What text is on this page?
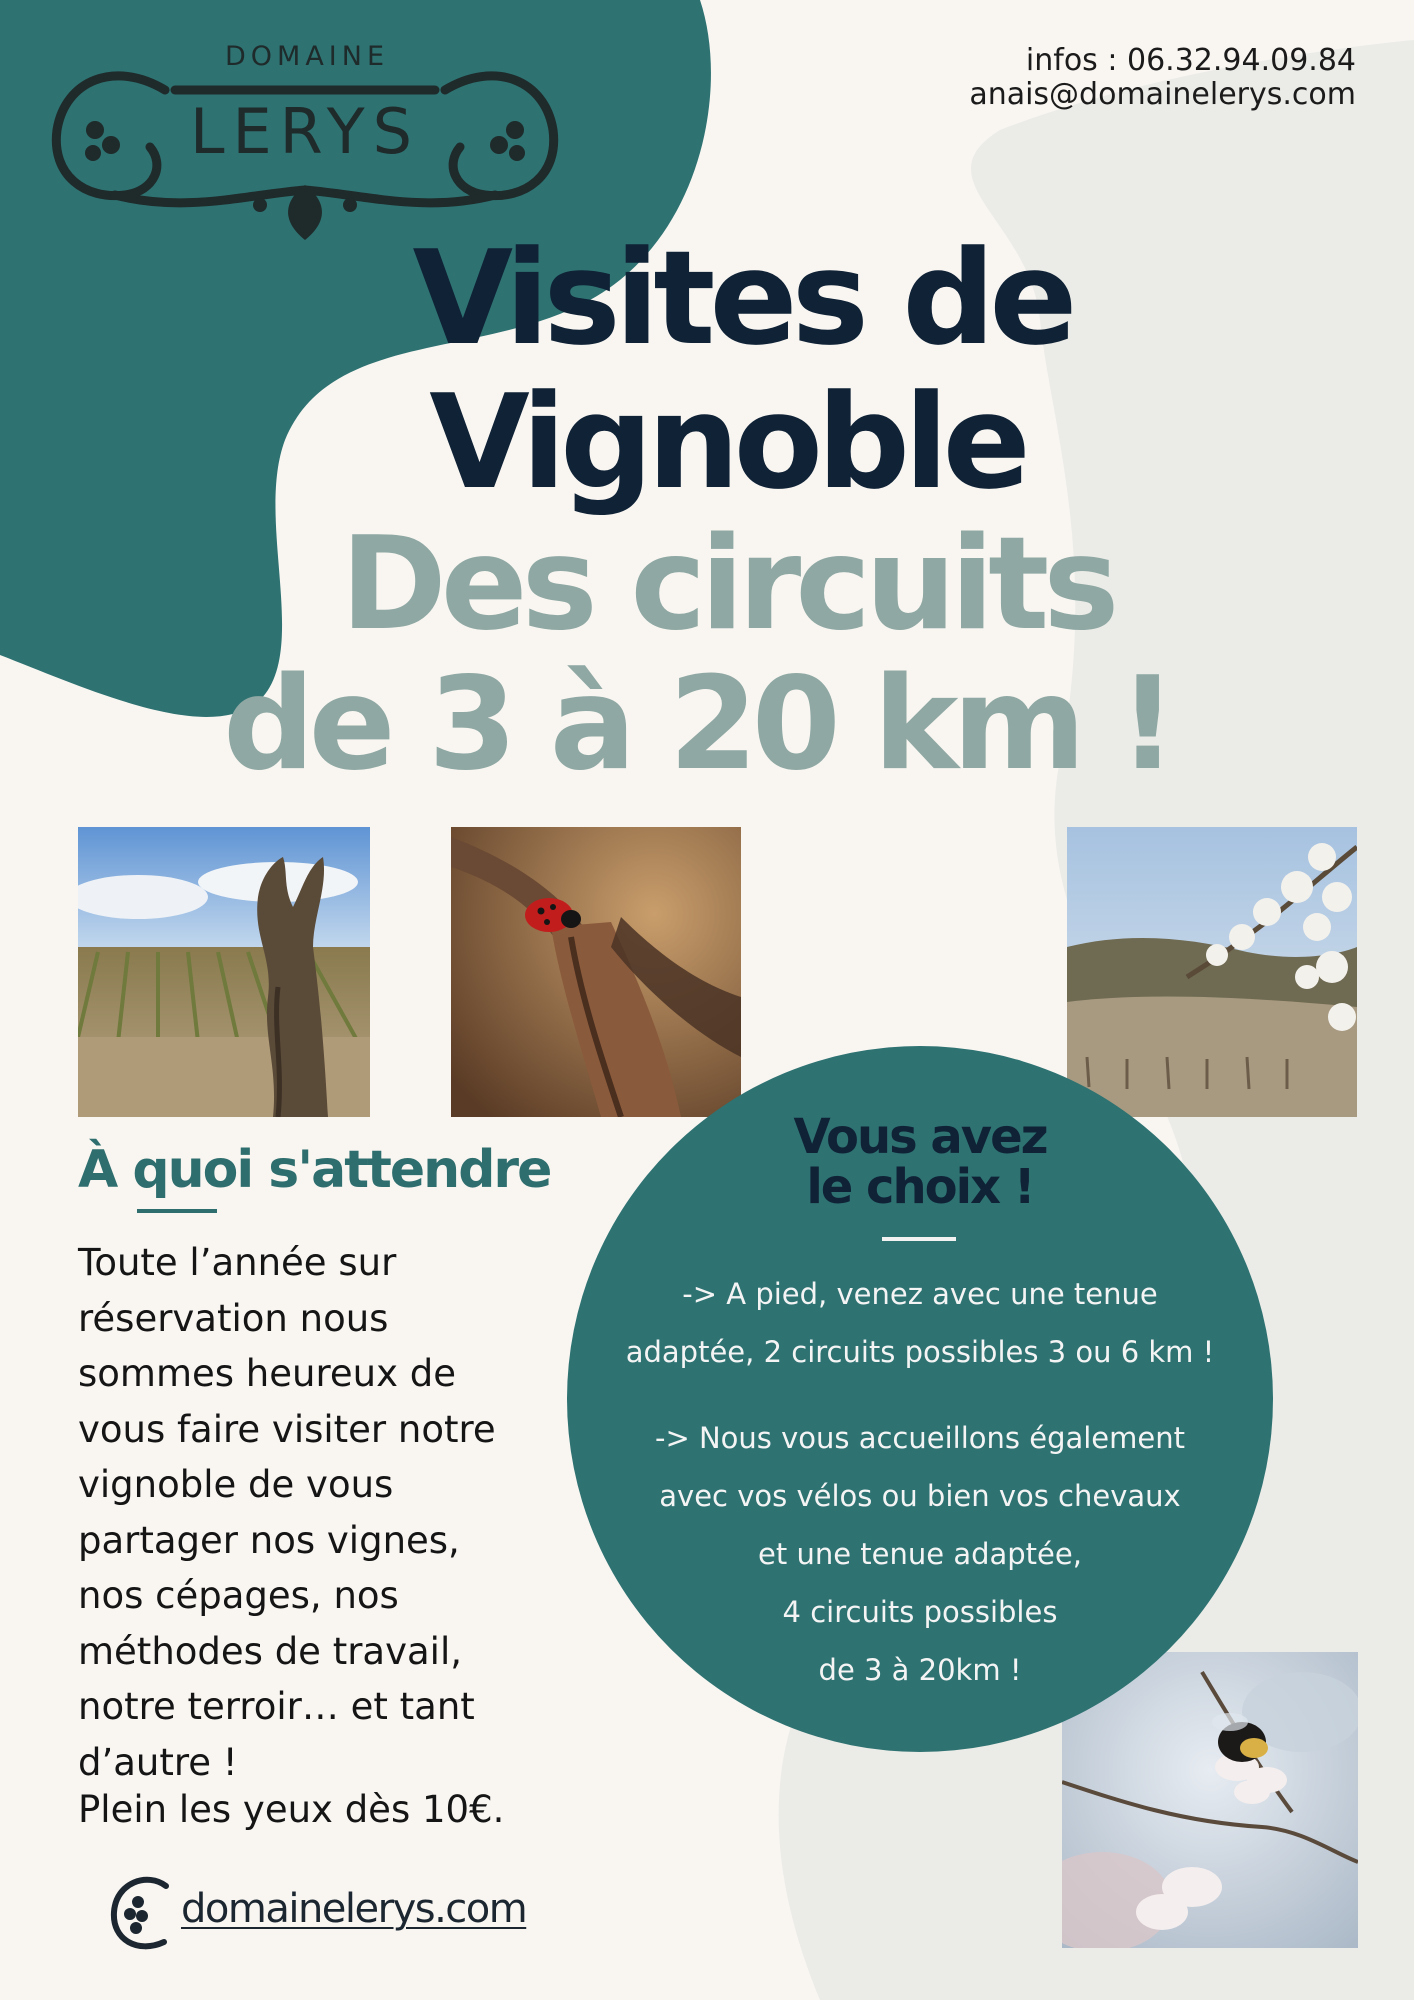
DOMAINE
LERYS
infos : 06.32.94.09.84
anais@domainelerys.com
Visites de
Vignoble
Des circuits
de 3 à 20 km !
À quoi s'attendre
Toute l’année sur
réservation nous
sommes heureux de
vous faire visiter notre
vignoble de vous
partager nos vignes,
nos cépages, nos
méthodes de travail,
notre terroir… et tant
d’autre !
Plein les yeux dès 10€.
Vous avez
le choix !
-> A pied, venez avec une tenue
adaptée, 2 circuits possibles 3 ou 6 km !
-> Nous vous accueillons également
avec vos vélos ou bien vos chevaux
et une tenue adaptée,
4 circuits possibles
de 3 à 20km !
domainelerys.com
